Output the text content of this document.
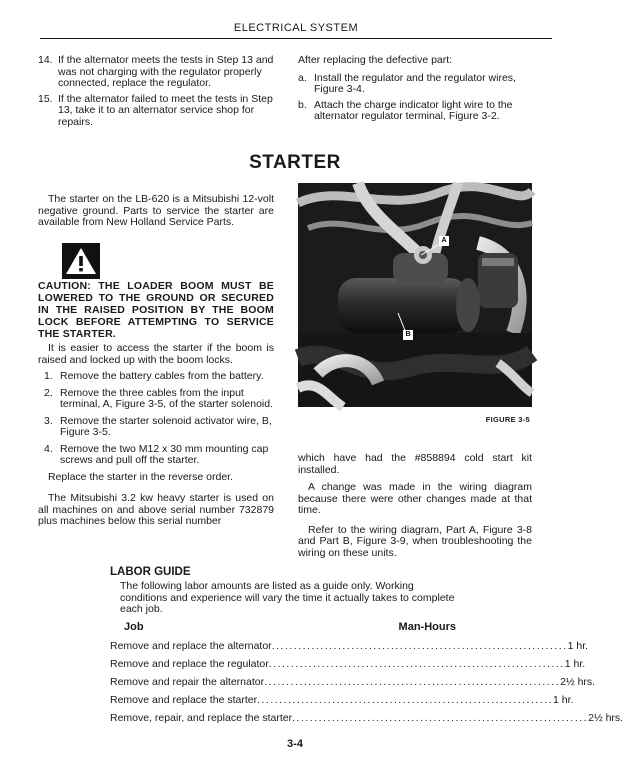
ELECTRICAL SYSTEM
14. If the alternator meets the tests in Step 13 and was not charging with the regulator properly connected, replace the regulator.
15. If the alternator failed to meet the tests in Step 13, take it to an alternator service shop for repairs.
After replacing the defective part:
a. Install the regulator and the regulator wires, Figure 3-4.
b. Attach the charge indicator light wire to the alternator regulator terminal, Figure 3-2.
STARTER
The starter on the LB-620 is a Mitsubishi 12-volt negative ground. Parts to service the starter are available from New Holland Service Parts.
CAUTION: THE LOADER BOOM MUST BE LOWERED TO THE GROUND OR SECURED IN THE RAISED POSITION BY THE BOOM LOCK BEFORE ATTEMPTING TO SERVICE THE STARTER.
It is easier to access the starter if the boom is raised and locked up with the boom locks.
1. Remove the battery cables from the battery.
2. Remove the three cables from the input terminal, A, Figure 3-5, of the starter solenoid.
3. Remove the starter solenoid activator wire, B, Figure 3-5.
4. Remove the two M12 x 30 mm mounting cap screws and pull off the starter.
Replace the starter in the reverse order.
The Mitsubishi 3.2 kw heavy starter is used on all machines on and above serial number 732879 plus machines below this serial number
A
B
FIGURE 3-5
which have had the #858894 cold start kit installed.
A change was made in the wiring diagram because there were other changes made at that time.
Refer to the wiring diagram, Part A, Figure 3-8 and Part B, Figure 3-9, when troubleshooting the wiring on these units.
LABOR GUIDE
The following labor amounts are listed as a guide only. Working conditions and experience will vary the time it actually takes to complete each job.
Job	Man-Hours
Remove and replace the alternator ................................................................... 1 hr.
Remove and replace the regulator ................................................................... 1 hr.
Remove and repair the alternator ................................................................... 2½ hrs.
Remove and replace the starter ................................................................... 1 hr.
Remove, repair, and replace the starter ................................................................... 2½ hrs.
3-4
